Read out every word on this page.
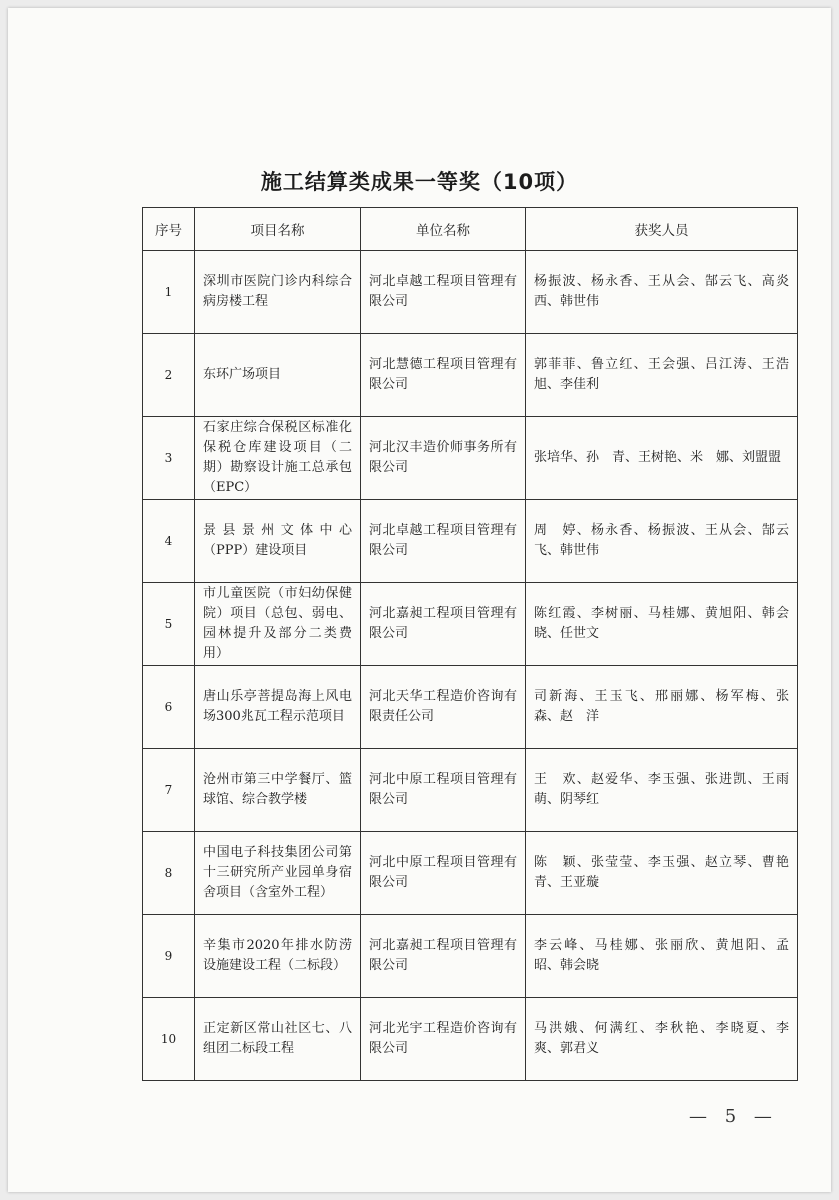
施工结算类成果一等奖（10项）
序号	项目名称	单位名称	获奖人员
1	深圳市医院门诊内科综合病房楼工程	河北卓越工程项目管理有限公司	杨振波、杨永香、王从会、郜云飞、高炎西、韩世伟
2	东环广场项目	河北慧德工程项目管理有限公司	郭菲菲、鲁立红、王会强、吕江涛、王浩旭、李佳利
3	石家庄综合保税区标准化保税仓库建设项目（二期）勘察设计施工总承包（EPC）	河北汉丰造价师事务所有限公司	张培华、孙　青、王树艳、米　娜、刘盟盟
4	景县景州文体中心（PPP）建设项目	河北卓越工程项目管理有限公司	周　婷、杨永香、杨振波、王从会、郜云飞、韩世伟
5	市儿童医院（市妇幼保健院）项目（总包、弱电、园林提升及部分二类费用）	河北嘉昶工程项目管理有限公司	陈红霞、李树丽、马桂娜、黄旭阳、韩会晓、任世文
6	唐山乐亭菩提岛海上风电场300兆瓦工程示范项目	河北天华工程造价咨询有限责任公司	司新海、王玉飞、邢丽娜、杨军梅、张　森、赵　洋
7	沧州市第三中学餐厅、篮球馆、综合教学楼	河北中原工程项目管理有限公司	王　欢、赵爱华、李玉强、张进凯、王雨萌、阴琴红
8	中国电子科技集团公司第十三研究所产业园单身宿舍项目（含室外工程）	河北中原工程项目管理有限公司	陈　颖、张莹莹、李玉强、赵立琴、曹艳青、王亚璇
9	辛集市2020年排水防涝设施建设工程（二标段）	河北嘉昶工程项目管理有限公司	李云峰、马桂娜、张丽欣、黄旭阳、孟　昭、韩会晓
10	正定新区常山社区七、八组团二标段工程	河北光宇工程造价咨询有限公司	马洪娥、何满红、李秋艳、李晓夏、李　爽、郭君义
— 5 —
